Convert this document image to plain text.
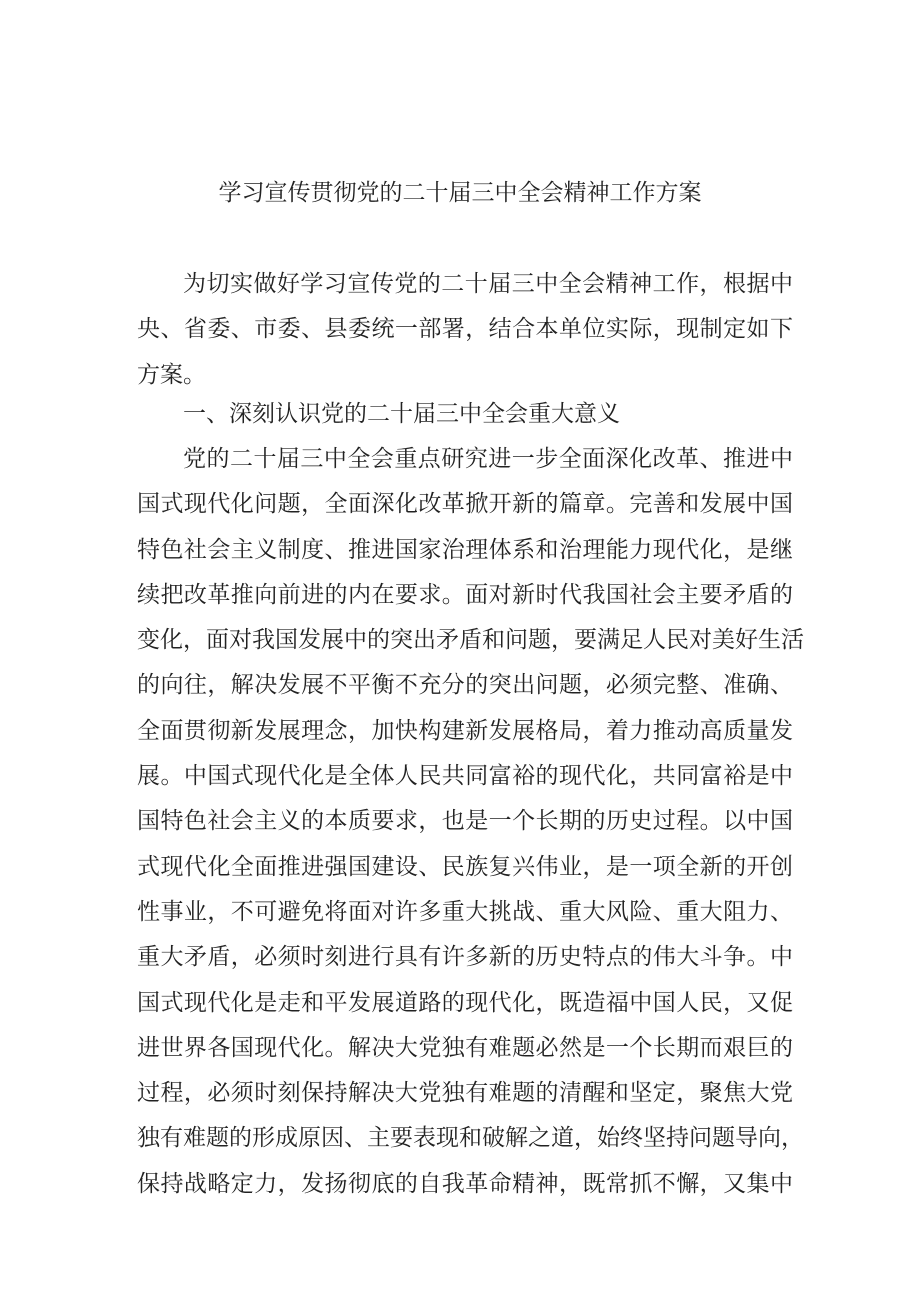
学习宣传贯彻党的二十届三中全会精神工作方案
为切实做好学习宣传党的二十届三中全会精神工作，根据中
央、省委、市委、县委统一部署，结合本单位实际，现制定如下
方案。
一、深刻认识党的二十届三中全会重大意义
党的二十届三中全会重点研究进一步全面深化改革、推进中
国式现代化问题，全面深化改革掀开新的篇章。完善和发展中国
特色社会主义制度、推进国家治理体系和治理能力现代化，是继
续把改革推向前进的内在要求。面对新时代我国社会主要矛盾的
变化，面对我国发展中的突出矛盾和问题，要满足人民对美好生活
的向往，解决发展不平衡不充分的突出问题，必须完整、准确、
全面贯彻新发展理念，加快构建新发展格局，着力推动高质量发
展。中国式现代化是全体人民共同富裕的现代化，共同富裕是中
国特色社会主义的本质要求，也是一个长期的历史过程。以中国
式现代化全面推进强国建设、民族复兴伟业，是一项全新的开创
性事业，不可避免将面对许多重大挑战、重大风险、重大阻力、
重大矛盾，必须时刻进行具有许多新的历史特点的伟大斗争。中
国式现代化是走和平发展道路的现代化，既造福中国人民，又促
进世界各国现代化。解决大党独有难题必然是一个长期而艰巨的
过程，必须时刻保持解决大党独有难题的清醒和坚定，聚焦大党
独有难题的形成原因、主要表现和破解之道，始终坚持问题导向，
保持战略定力，发扬彻底的自我革命精神，既常抓不懈，又集中
